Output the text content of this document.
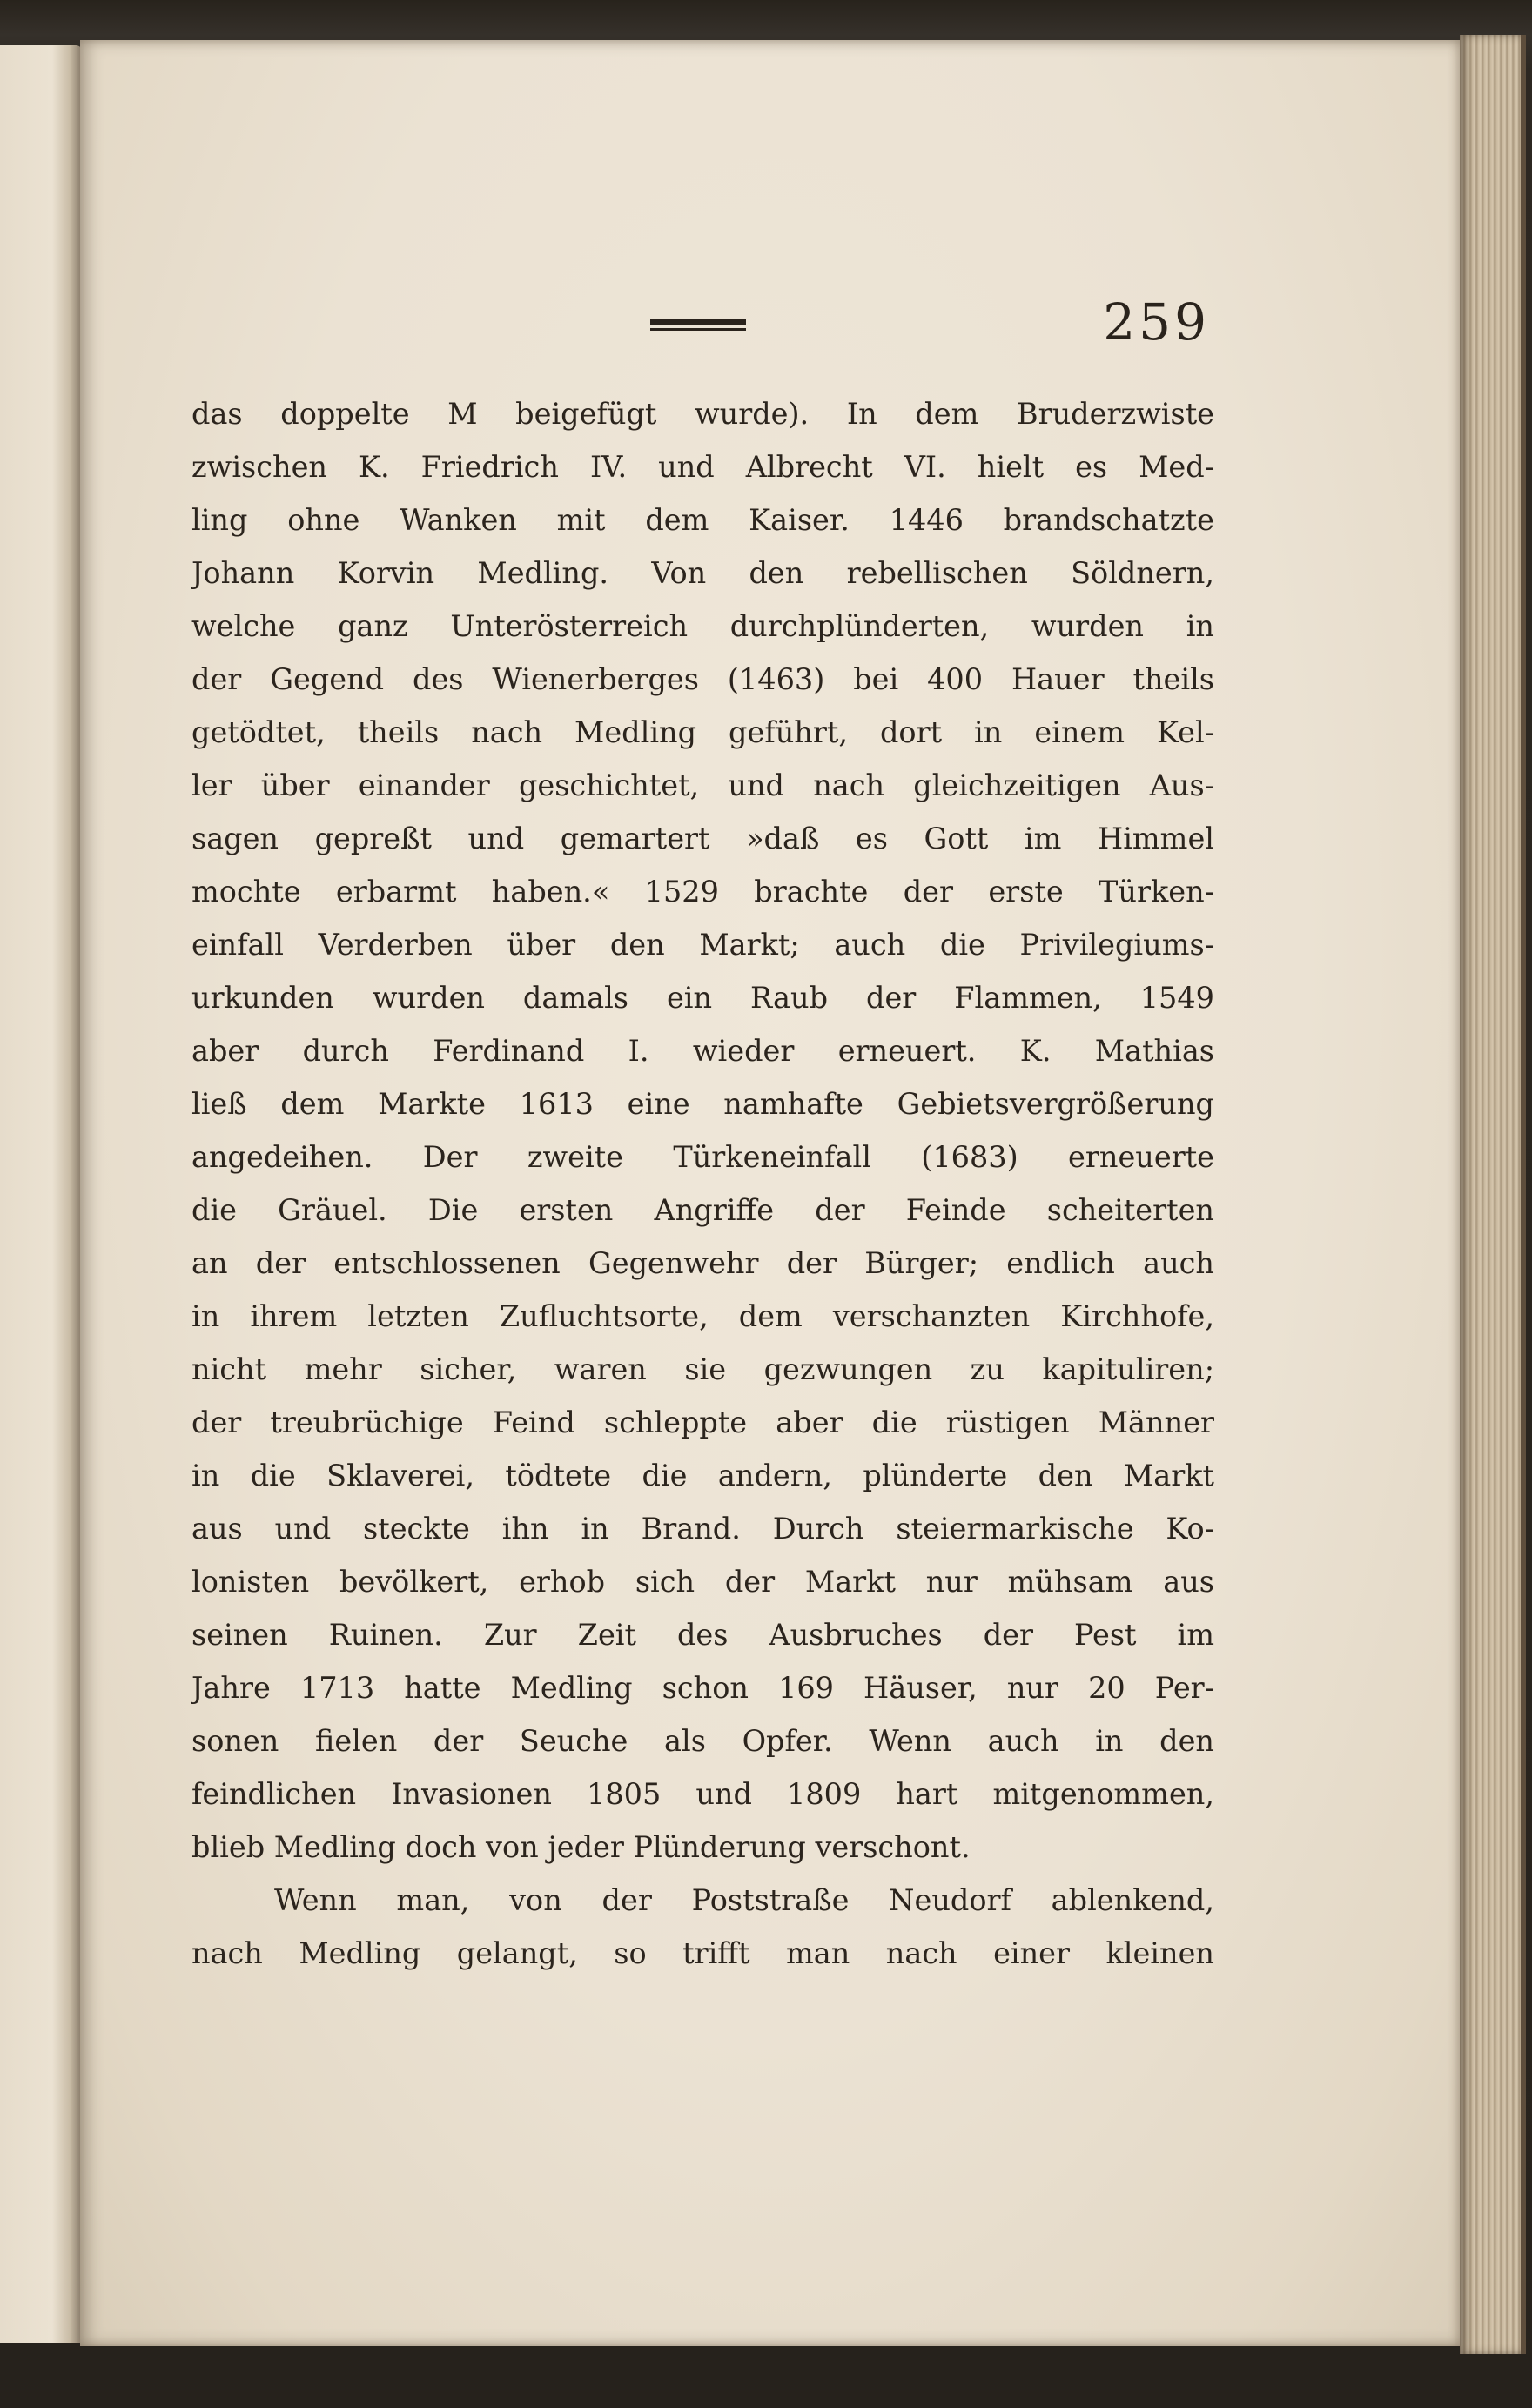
259
das doppelte M beigefügt wurde). In dem Bruderzwiste
zwischen K. Friedrich IV. und Albrecht VI. hielt es Med-
ling ohne Wanken mit dem Kaiser. 1446 brandschatzte
Johann Korvin Medling. Von den rebellischen Söldnern,
welche ganz Unterösterreich durchplünderten, wurden in
der Gegend des Wienerberges (1463) bei 400 Hauer theils
getödtet, theils nach Medling geführt, dort in einem Kel-
ler über einander geschichtet, und nach gleichzeitigen Aus-
sagen gepreßt und gemartert »daß es Gott im Himmel
mochte erbarmt haben.« 1529 brachte der erste Türken-
einfall Verderben über den Markt; auch die Privilegiums-
urkunden wurden damals ein Raub der Flammen, 1549
aber durch Ferdinand I. wieder erneuert. K. Mathias
ließ dem Markte 1613 eine namhafte Gebietsvergrößerung
angedeihen. Der zweite Türkeneinfall (1683) erneuerte
die Gräuel. Die ersten Angriffe der Feinde scheiterten
an der entschlossenen Gegenwehr der Bürger; endlich auch
in ihrem letzten Zufluchtsorte, dem verschanzten Kirchhofe,
nicht mehr sicher, waren sie gezwungen zu kapituliren;
der treubrüchige Feind schleppte aber die rüstigen Männer
in die Sklaverei, tödtete die andern, plünderte den Markt
aus und steckte ihn in Brand. Durch steiermarkische Ko-
lonisten bevölkert, erhob sich der Markt nur mühsam aus
seinen Ruinen. Zur Zeit des Ausbruches der Pest im
Jahre 1713 hatte Medling schon 169 Häuser, nur 20 Per-
sonen fielen der Seuche als Opfer. Wenn auch in den
feindlichen Invasionen 1805 und 1809 hart mitgenommen,
blieb Medling doch von jeder Plünderung verschont.
Wenn man, von der Poststraße Neudorf ablenkend,
nach Medling gelangt, so trifft man nach einer kleinen
